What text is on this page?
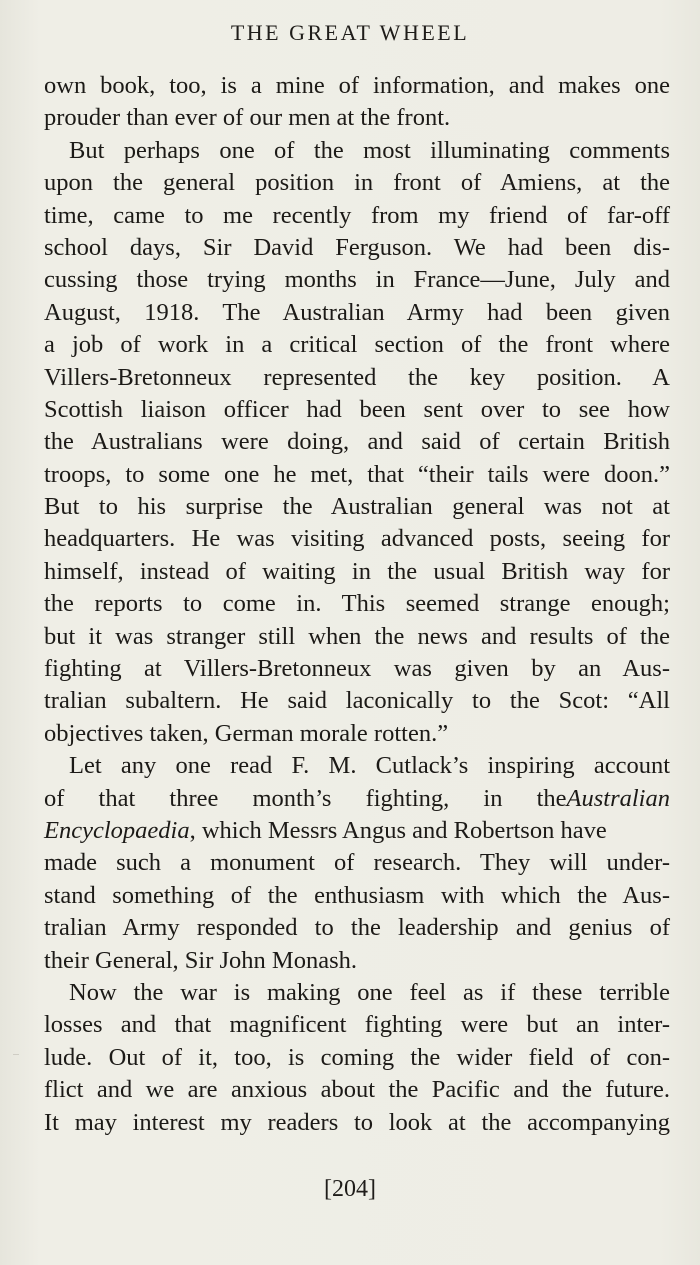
THE GREAT WHEEL
own book, too, is a mine of information, and makes one
prouder than ever of our men at the front.
But perhaps one of the most illuminating comments
upon the general position in front of Amiens, at the
time, came to me recently from my friend of far-off
school days, Sir David Ferguson. We had been dis-
cussing those trying months in France—June, July and
August, 1918. The Australian Army had been given
a job of work in a critical section of the front where
Villers-Bretonneux represented the key position. A
Scottish liaison officer had been sent over to see how
the Australians were doing, and said of certain British
troops, to some one he met, that “their tails were doon.”
But to his surprise the Australian general was not at
headquarters. He was visiting advanced posts, seeing for
himself, instead of waiting in the usual British way for
the reports to come in. This seemed strange enough;
but it was stranger still when the news and results of the
fighting at Villers-Bretonneux was given by an Aus-
tralian subaltern. He said laconically to the Scot: “All
objectives taken, German morale rotten.”
Let any one read F. M. Cutlack’s inspiring account
of that three month’s fighting, in the Australian
Encyclopaedia, which Messrs Angus and Robertson have
made such a monument of research. They will under-
stand something of the enthusiasm with which the Aus-
tralian Army responded to the leadership and genius of
their General, Sir John Monash.
Now the war is making one feel as if these terrible
losses and that magnificent fighting were but an inter-
lude. Out of it, too, is coming the wider field of con-
flict and we are anxious about the Pacific and the future.
It may interest my readers to look at the accompanying
[204]
